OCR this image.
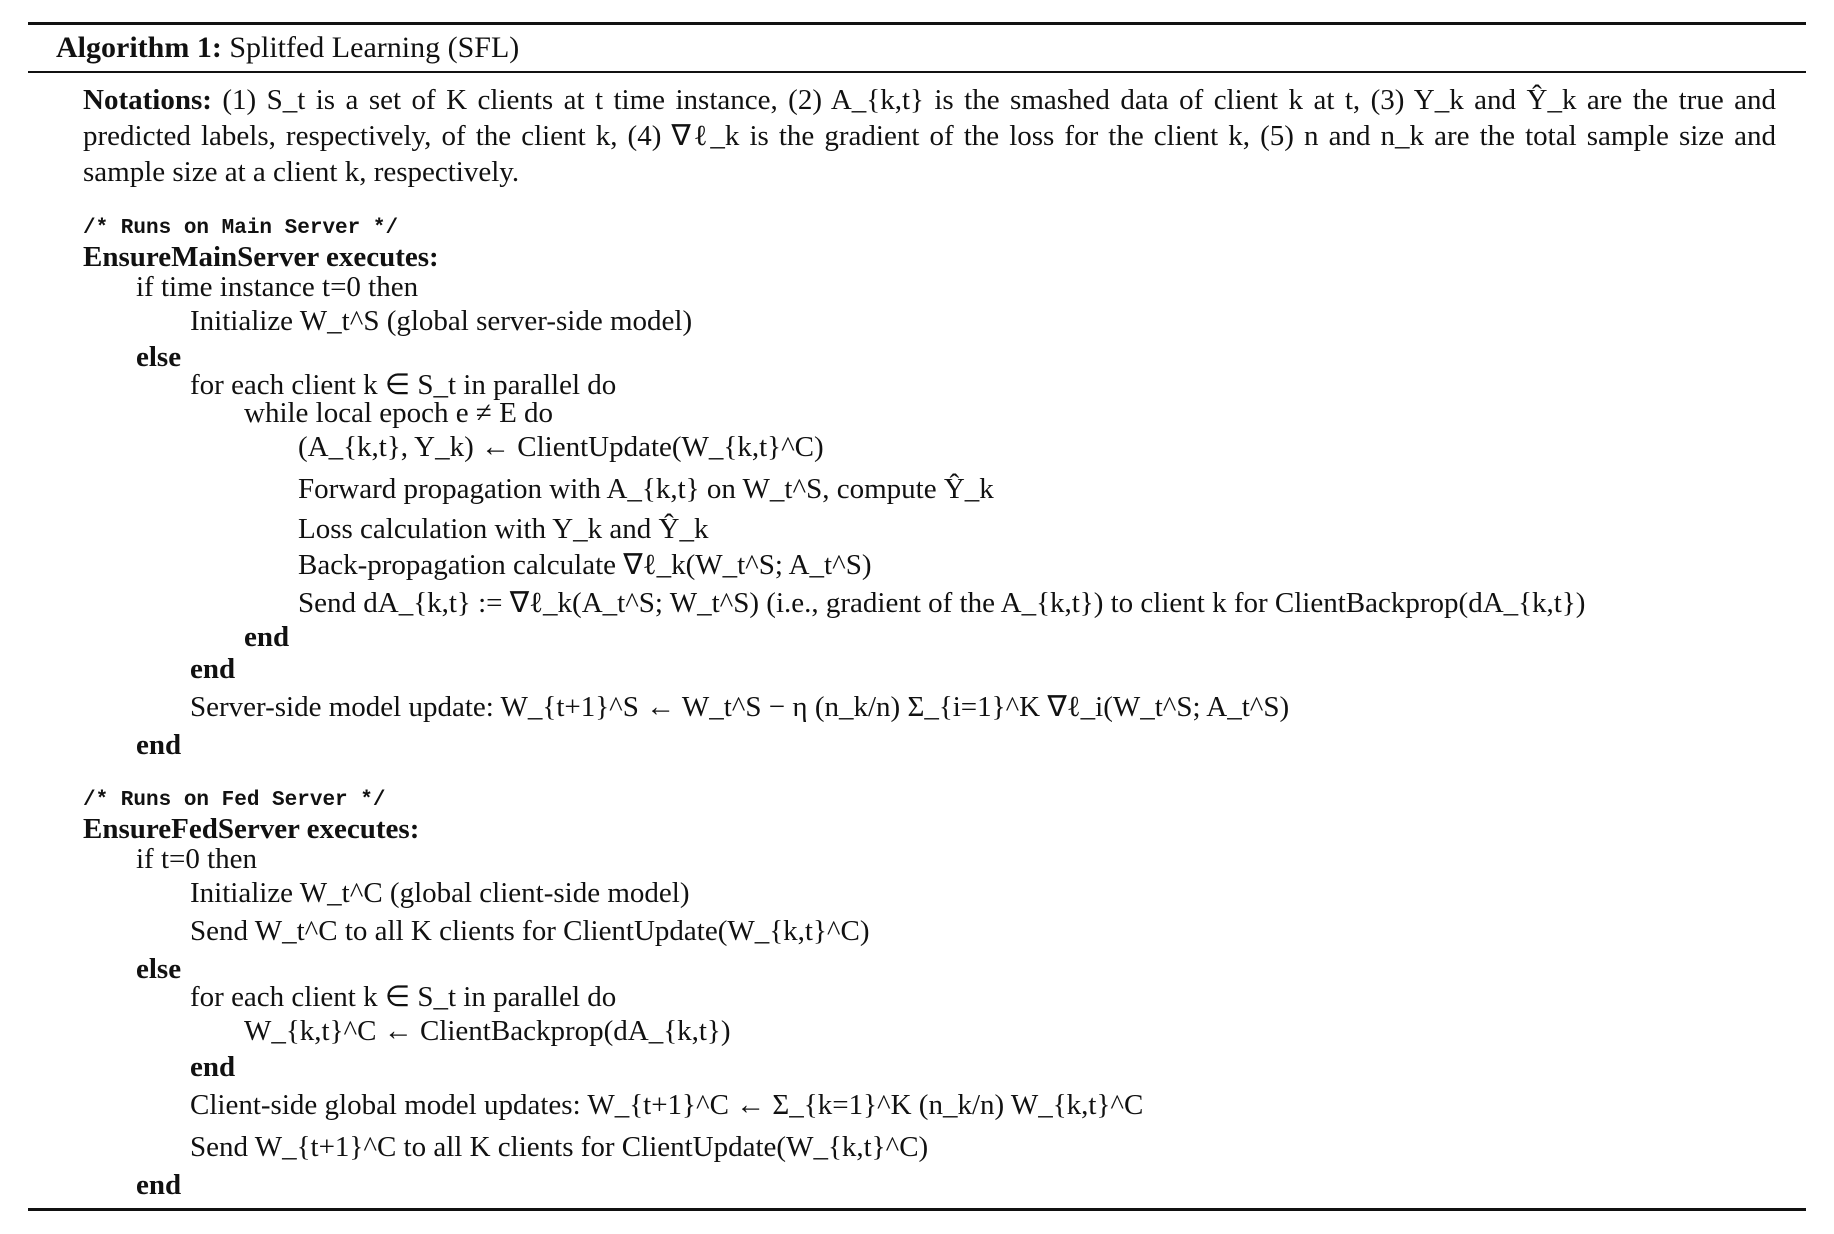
Algorithm 1: Splitfed Learning (SFL)
Notations: (1) S_t is a set of K clients at t time instance, (2) A_{k,t} is the smashed data of client k at t, (3) Y_k and Ŷ_k are the true and predicted labels, respectively, of the client k, (4) ∇ℓ_k is the gradient of the loss for the client k, (5) n and n_k are the total sample size and sample size at a client k, respectively.
/* Runs on Main Server */
EnsureMainServer executes:
if time instance t=0 then
Initialize W_t^S (global server-side model)
else
for each client k ∈ S_t in parallel do
while local epoch e ≠ E do
(A_{k,t}, Y_k) ← ClientUpdate(W_{k,t}^C)
Forward propagation with A_{k,t} on W_t^S, compute Ŷ_k
Loss calculation with Y_k and Ŷ_k
Back-propagation calculate ∇ℓ_k(W_t^S; A_t^S)
Send dA_{k,t} := ∇ℓ_k(A_t^S; W_t^S) (i.e., gradient of the A_{k,t}) to client k for ClientBackprop(dA_{k,t})
end
end
Server-side model update: W_{t+1}^S ← W_t^S − η (n_k/n) Σ_{i=1}^K ∇ℓ_i(W_t^S; A_t^S)
end
/* Runs on Fed Server */
EnsureFedServer executes:
if t=0 then
Initialize W_t^C (global client-side model)
Send W_t^C to all K clients for ClientUpdate(W_{k,t}^C)
else
for each client k ∈ S_t in parallel do
W_{k,t}^C ← ClientBackprop(dA_{k,t})
end
Client-side global model updates: W_{t+1}^C ← Σ_{k=1}^K (n_k/n) W_{k,t}^C
Send W_{t+1}^C to all K clients for ClientUpdate(W_{k,t}^C)
end
